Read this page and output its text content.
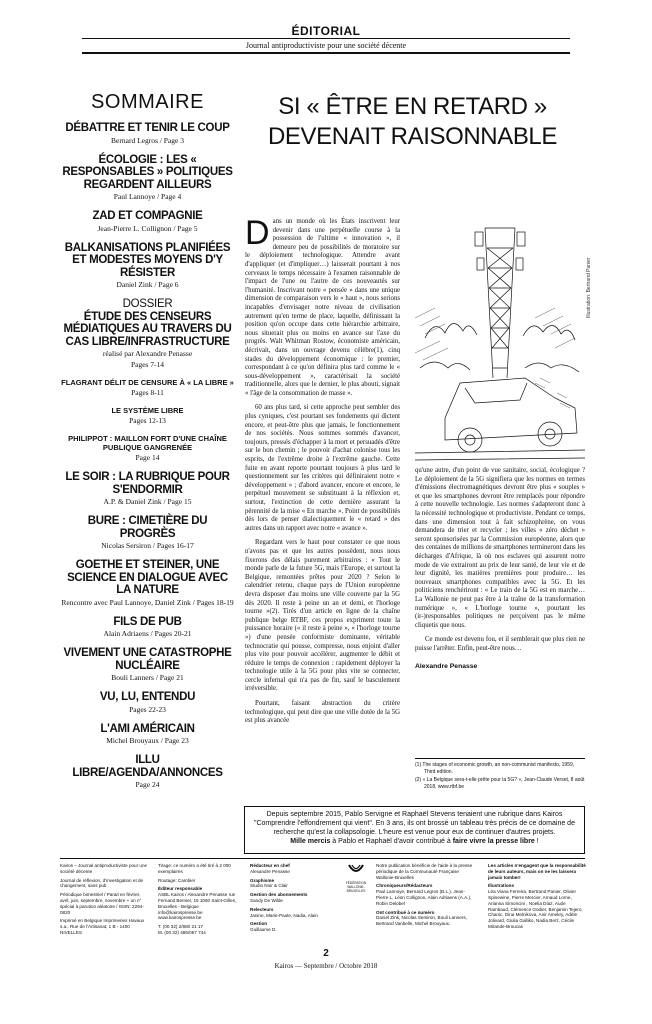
ÉDITORIAL
Journal antiproductiviste pour une société décente
SOMMAIRE
DÉBATTRE ET TENIR LE COUP
Bernard Legros / Page 3
ÉCOLOGIE : LES « RESPONSABLES » POLITIQUES REGARDENT AILLEURS
Paul Lannoye / Page 4
ZAD ET COMPAGNIE
Jean-Pierre L. Collignon / Page 5
BALKANISATIONS PLANIFIÉES ET MODESTES MOYENS D'Y RÉSISTER
Daniel Zink / Page 6
DOSSIER
ÉTUDE DES CENSEURS MÉDIATIQUES AU TRAVERS DU CAS LIBRE/INFRASTRUCTURE
réalisé par Alexandre Penasse
Pages 7-14
FLAGRANT DÉLIT DE CENSURE À « LA LIBRE »
Pages 8-11
LE SYSTÈME LIBRE
Pages 12-13
PHILIPPOT : MAILLON FORT D'UNE CHAÎNE PUBLIQUE GANGRENÉE
Page 14
LE SOIR : LA RUBRIQUE POUR S'ENDORMIR
A.P. & Daniel Zink / Page 15
BURE : CIMETIÈRE DU PROGRÈS
Nicolas Sersiron / Pages 16-17
GOETHE ET STEINER, UNE SCIENCE EN DIALOGUE AVEC LA NATURE
Rencontre avec Paul Lannoye, Daniel Zink / Pages 18-19
FILS DE PUB
Alain Adriaens / Pages 20-21
VIVEMENT UNE CATASTROPHE NUCLÉAIRE
Bouli Lanners / Page 21
VU, LU, ENTENDU
Pages 22-23
L'AMI AMÉRICAIN
Michel Brouyaux / Page 23
ILLU LIBRE/AGENDA/ANNONCES
Page 24
SI « ÊTRE EN RETARD » DEVENAIT RAISONNABLE

Dans un monde où les États inscrivent leur devenir dans une perpétuelle course à la possession de l'ultime « innovation », il demeure peu de possibilités de moratoire sur le déploiement technologique. Attendre avant d'appliquer (et d'impliquer…) laisserait pourtant à nos cerveaux le temps nécessaire à l'examen raisonnable de l'impact de l'une ou l'autre de ces nouveautés sur l'humanité. Inscrivant notre « pensée » dans une unique dimension de comparaison vers le « haut », nous serions incapables d'envisager notre niveau de civilisation autrement qu'en terme de place, laquelle, définissant la position qu'on occupe dans cette hiérarchie arbitraire, nous situerait plus ou moins en avance sur l'axe du progrès. Walt Whitman Rostow, économiste américain, décrivait, dans un ouvrage devenu célèbre(1), cinq stades du développement économique : le premier, correspondant à ce qu'on définira plus tard comme le « sous-développement », caractérisait la société traditionnelle, alors que le dernier, le plus abouti, signait « l'âge de la consommation de masse ».

60 ans plus tard, si cette approche peut sembler des plus cyniques, c'est pourtant ses fondements qui dictent encore, et peut-être plus que jamais, le fonctionnement de nos sociétés. Nous sommes sommés d'avancer, toujours, pressés d'échapper à la mort et persuadés d'être sur le bon chemin ; le pouvoir d'achat colonise tous les esprits, de l'extrême droite à l'extrême gauche. Cette fuite en avant reporte pourtant toujours à plus tard le questionnement sur les critères qui définiraient notre « développement » ; d'abord avancer, encore et encore, le perpétuel mouvement se substituant à la réflexion et, surtout, l'extinction de cette dernière assurant la pérennité de la mise « En marche ». Point de possibilités dès lors de penser dialectiquement le « retard » des autres dans un rapport avec notre « avance ».

Regardant vers le haut pour constater ce que nous n'avons pas et que les autres possèdent, nous nous fixerons des délais purement arbitraires : « Tout le monde parle de la future 5G, mais l'Europe, et surtout la Belgique, remontées prêtes pour 2020 ? Selon le calendrier retenu, chaque pays de l'Union européenne devra disposer d'au moins une ville couverte par la 5G dès 2020. Il reste à peine un an et demi, et l'horloge tourne »(2). Tirés d'un article en ligne de la chaîne publique belge RTBF, ces propos expriment toute la puissance horaire (« il reste à peine », « l'horloge tourne ») d'une pensée conformiste dominante, véritable technocratie qui pousse, compresse, nous enjoint d'aller plus vite pour pouvoir accélérer, augmenter le débit et réduire le temps de connexion : rapidement déployer la technologie utile à la 5G pour plus vite se connecter, cercle infernal qui n'a pas de fin, sauf le basculement irréversible.

Pourtant, faisant abstraction du critère technologique, qui peut dire que une ville dotée de la 5G est plus avancée

Illustration: Bertrand Panier

qu'une autre, d'un point de vue sanitaire, social, écologique ? Le déploiement de la 5G signifiera que les normes en termes d'émissions électromagnétiques devront être plus « souples » et que les smartphones devront être remplacés pour répondre à cette nouvelle technologie. Les normes s'adapteront donc à la nécessité technologique et productiviste. Pendant ce temps, dans une dimension tout à fait schizophrène, on vous demandera de trier et recycler ; les villes « zéro déchet » seront sponsorisées par la Commission européenne, alors que des centaines de millions de smartphones termineront dans les décharges d'Afrique, là où nos esclaves qui assurent notre mode de vie extrairont au prix de leur santé, de leur vie et de leur dignité, les matières premières pour produire… les nouveaux smartphones compatibles avec la 5G. Et les politiciens renchériront : « Le train de la 5G est en marche… La Wallonie ne peut pas être à la traîne de la transformation numérique », « L'horloge tourne », pourtant les (ir-)responsables politiques ne perçoivent pas le même cliquetis que nous.

Ce monde est devenu fou, et il semblerait que plus rien ne puisse l'arrêter. Enfin, peut-être nous…

Alexandre Penasse

(1) The stages of economic growth, an non-communist manifesto, 1959, Third edition.
(2) « La Belgique sera-t-elle prête pour la 5G? », Jean-Claude Verset, 8 août 2018, www.rtbf.be
Depuis septembre 2015, Pablo Servigne et Raphaël Stevens tenaient une rubrique dans Kairos "Comprendre l'effondrement qui vient". En 3 ans, ils ont brossé un tableau très précis de ce domaine de recherche qu'est la collapsologie. L'heure est venue pour eux de continuer d'autres projets.
Mille mercis à Pablo et Raphaël d'avoir contribué à faire vivre la presse libre !
Kairos – Journal antiproductiviste pour une société décente
Journal de réflexion, d'investigation et de changement, sans pub
Périodique bimestriel / Parait en février, avril, juin, septembre, novembre + un n° spécial à parution aléatoire / ISSN: 2294-0820
Imprimé en Belgique Imprimeries Havaux s.a., Rue de l'Artisanat, 1 B - 1400 NIVELLES
Tirage: ce numéro a été tiré à 2 000 exemplaires
Routage: Cambier
Éditeur responsable
ASBL Kairos / Alexandre Penasse rue Fernand Bernier, 15 1060 Saint-Gilles, Bruxelles - Belgique info@kairospresse.be www.kairospresse.be
T. (00 32) 2/880 21 17
M. (00 32) 485/057 744
Rédacteur en chef
Alexandre Penasse
Graphisme
Studio Noir & Clair
Gestion des abonnements
Sandy De Wilde
Relecteurs
Janine, Marie-Paule, Nadia, Alain
Gestion
Guillaume D.
FÉDÉRATION WALLONIE-BRUXELLES
Notre publication bénéficie de l'aide à la presse périodique de la Communauté Française Wallonie-Bruxelles
Chroniqueurs/Rédacteurs
Paul Lannoye, Bernard Legros (B.L.), Jean-Pierre L. Léon Collignon, Alain Adriaens (A.A.), Robin Delobel
Ont contribué à ce numéro
Daniel Zink, Nicolas Sersiron, Bouli Lanners, Bertrand Vanbelle, Michel Brouyaux.
Les articles n'engagent que la responsabilité de leurs auteurs, mais on ne les laissera jamais tomber!
Illustrations
Léa Viana Ferreira, Bertrand Panier, Olivier Spinewine, Pierre Mercier, Arnaud Lorne, Arianna Simoncini , Noelia Díaz, Aude Rambaud, Clémence Godier, Benjamin Tejero, Chanic, Dina Melnikova, Anir Amekry, Adèle Jolivard, Giulia Galliko, Nadia Berz, Cécile Mirande-Broucas
2
Kairos — Septembre / Octobre 2018
